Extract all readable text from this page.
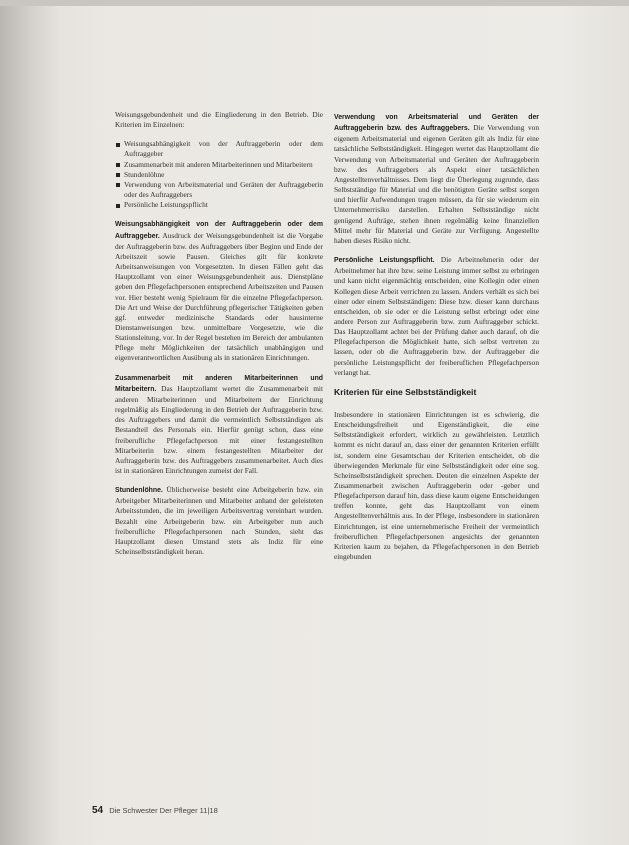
Weisungsgebundenheit und die Eingliederung in den Betrieb. Die Kriterien im Einzelnen:

Weisungsabhängigkeit von der Auftraggeberin oder dem Auftraggeber
Zusammenarbeit mit anderen Mitarbeiterinnen und Mitarbeitern
Stundenlöhne
Verwendung von Arbeitsmaterial und Geräten der Auftraggeberin oder des Auftraggebers
Persönliche Leistungspflicht

Weisungsabhängigkeit von der Auftraggeberin oder dem Auftraggeber. Ausdruck der Weisungsgebundenheit ist die Vorgabe der Auftraggeberin bzw. des Auftraggebers über Beginn und Ende der Arbeitszeit sowie Pausen. Gleiches gilt für konkrete Arbeitsanweisungen von Vorgesetzten. In diesen Fällen geht das Hauptzollamt von einer Weisungsgebundenheit aus. Dienstpläne geben den Pflegefachpersonen entsprechend Arbeitszeiten und Pausen vor. Hier besteht wenig Spielraum für die einzelne Pflegefachperson. Die Art und Weise der Durchführung pflegerischer Tätigkeiten geben ggf. entweder medizinische Standards oder hausinterne Dienstanweisungen bzw. unmittelbare Vorgesetzte, wie die Stationsleitung, vor. In der Regel bestehen im Bereich der ambulanten Pflege mehr Möglichkeiten der tatsächlich unabhängigen und eigenverantwortlichen Ausübung als in stationären Einrichtungen.

Zusammenarbeit mit anderen Mitarbeiterinnen und Mitarbeitern. Das Hauptzollamt wertet die Zusammenarbeit mit anderen Mitarbeiterinnen und Mitarbeitern der Einrichtung regelmäßig als Eingliederung in den Betrieb der Auftraggeberin bzw. des Auftraggebers und damit die vermeintlich Selbstständigen als Bestandteil des Personals ein. Hierfür genügt schon, dass eine freiberufliche Pflegefachperson mit einer festangestellten Mitarbeiterin bzw. einem festangestellten Mitarbeiter der Auftraggeberin bzw. des Auftraggebers zusammenarbeitet. Auch dies ist in stationären Einrichtungen zumeist der Fall.

Stundenlöhne. Üblicherweise besteht eine Arbeitgeberin bzw. ein Arbeitgeber Mitarbeiterinnen und Mitarbeiter anhand der geleisteten Arbeitsstunden, die im jeweiligen Arbeitsvertrag vereinbart wurden. Bezahlt eine Arbeitgeberin bzw. ein Arbeitgeber nun auch freiberufliche Pflegefachpersonen nach Stunden, sieht das Hauptzollamt diesen Umstand stets als Indiz für eine Scheinselbstständigkeit heran.

Verwendung von Arbeitsmaterial und Geräten der Auftraggeberin bzw. des Auftraggebers. Die Verwendung von eigenem Arbeitsmaterial und eigenen Geräten gilt als Indiz für eine tatsächliche Selbstständigkeit. Hingegen wertet das Hauptzollamt die Verwendung von Arbeitsmaterial und Geräten der Auftraggeberin bzw. des Auftraggebers als Aspekt einer tatsächlichen Angestelltenverhältnisses. Dem liegt die Überlegung zugrunde, dass Selbstständige für Material und die benötigten Geräte selbst sorgen und hierfür Aufwendungen tragen müssen, da für sie wiederum ein Unternehmerrisiko darstellen. Erhalten Selbstständige nicht genügend Aufträge, stehen ihnen regelmäßig keine finanziellen Mittel mehr für Material und Geräte zur Verfügung. Angestellte haben dieses Risiko nicht.

Persönliche Leistungspflicht. Die Arbeitnehmerin oder der Arbeitnehmer hat ihre bzw. seine Leistung immer selbst zu erbringen und kann nicht eigenmächtig entscheiden, eine Kollegin oder einen Kollegen diese Arbeit verrichten zu lassen. Anders verhält es sich bei einer oder einem Selbstständigen: Diese bzw. dieser kann durchaus entscheiden, ob sie oder er die Leistung selbst erbringt oder eine andere Person zur Auftraggeberin bzw. zum Auftraggeber schickt. Das Hauptzollamt achtet bei der Prüfung daher auch darauf, ob die Pflegefachperson die Möglichkeit hatte, sich selbst vertreten zu lassen, oder ob die Auftraggeberin bzw. der Auftraggeber die persönliche Leistungspflicht der freiberuflichen Pflegefachperson verlangt hat.

Kriterien für eine Selbstständigkeit

Insbesondere in stationären Einrichtungen ist es schwierig, die Entscheidungsfreiheit und Eigenständigkeit, die eine Selbstständigkeit erfordert, wirklich zu gewährleisten. Letztlich kommt es nicht darauf an, dass einer der genannten Kriterien erfüllt ist, sondern eine Gesamtschau der Kriterien entscheidet, ob die überwiegenden Merkmale für eine Selbstständigkeit oder eine sog. Scheinselbstständigkeit sprechen. Deuten die einzelnen Aspekte der Zusammenarbeit zwischen Auftraggeberin oder -geber und Pflegefachperson darauf hin, dass diese kaum eigene Entscheidungen treffen konnte, geht das Hauptzollamt von einem Angestelltenverhältnis aus. In der Pflege, insbesondere in stationären Einrichtungen, ist eine unternehmerische Freiheit der vermeintlich freiberuflichen Pflegefachpersonen angesichts der genannten Kriterien kaum zu bejahen, da Pflegefachpersonen in den Betrieb eingebunden

54 Die Schwester Der Pfleger 11|18
